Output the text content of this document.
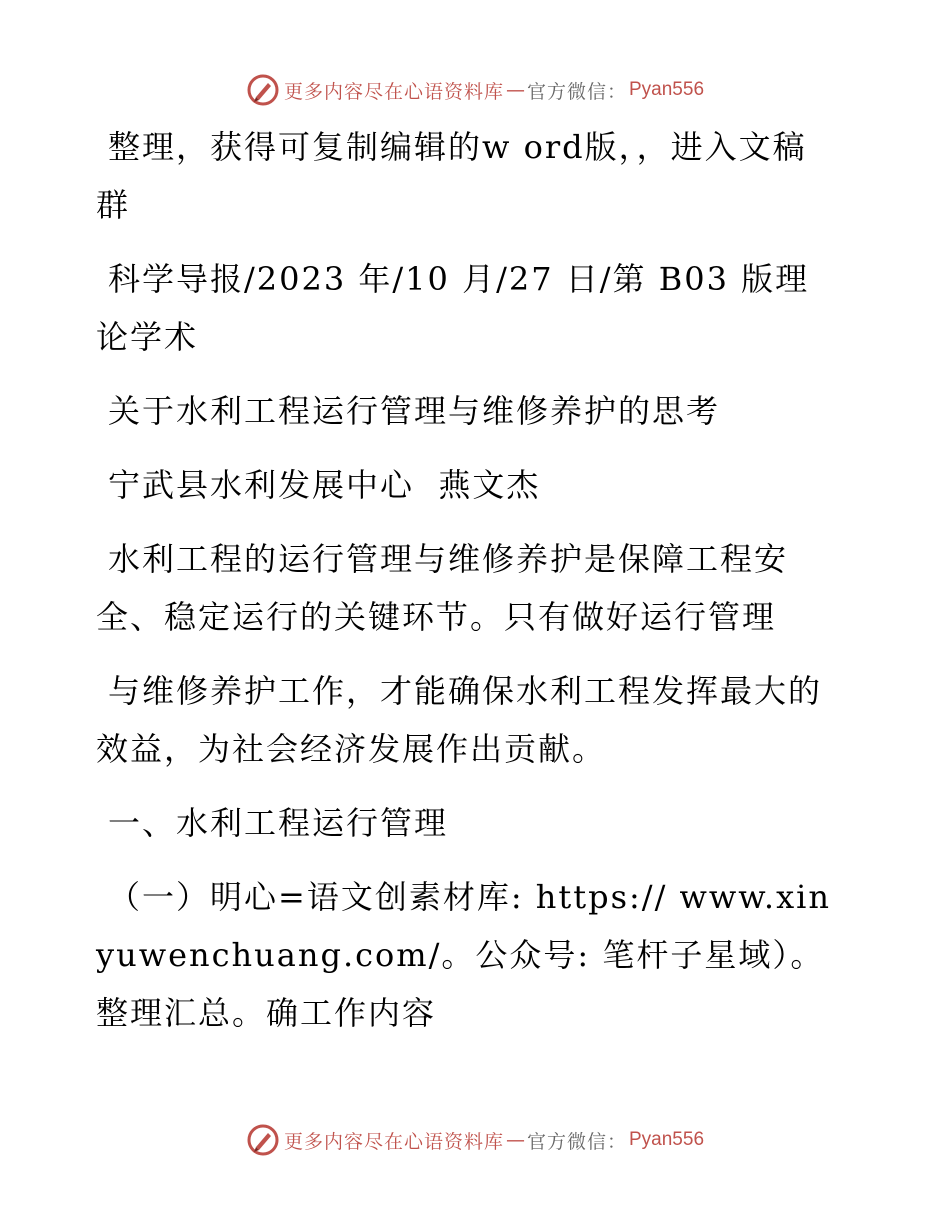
更多内容尽在心语资料库 — 官方微信： Pyan556

整理，获得可复制编辑的w ord版，，进入文稿群

科学导报/2023 年/10 月/27 日/第 B03 版理论学术

关于水利工程运行管理与维修养护的思考

宁武县水利发展中心  燕文杰

水利工程的运行管理与维修养护是保障工程安全、稳定运行的关键环节。只有做好运行管理

与维修养护工作，才能确保水利工程发挥最大的效益，为社会经济发展作出贡献。

一、水利工程运行管理

（一）明心=语文创素材库: https:// www.xinyuwenchuang.com/。公众号: 笔杆子星域）。整理汇总。确工作内容

更多内容尽在心语资料库 — 官方微信： Pyan556
